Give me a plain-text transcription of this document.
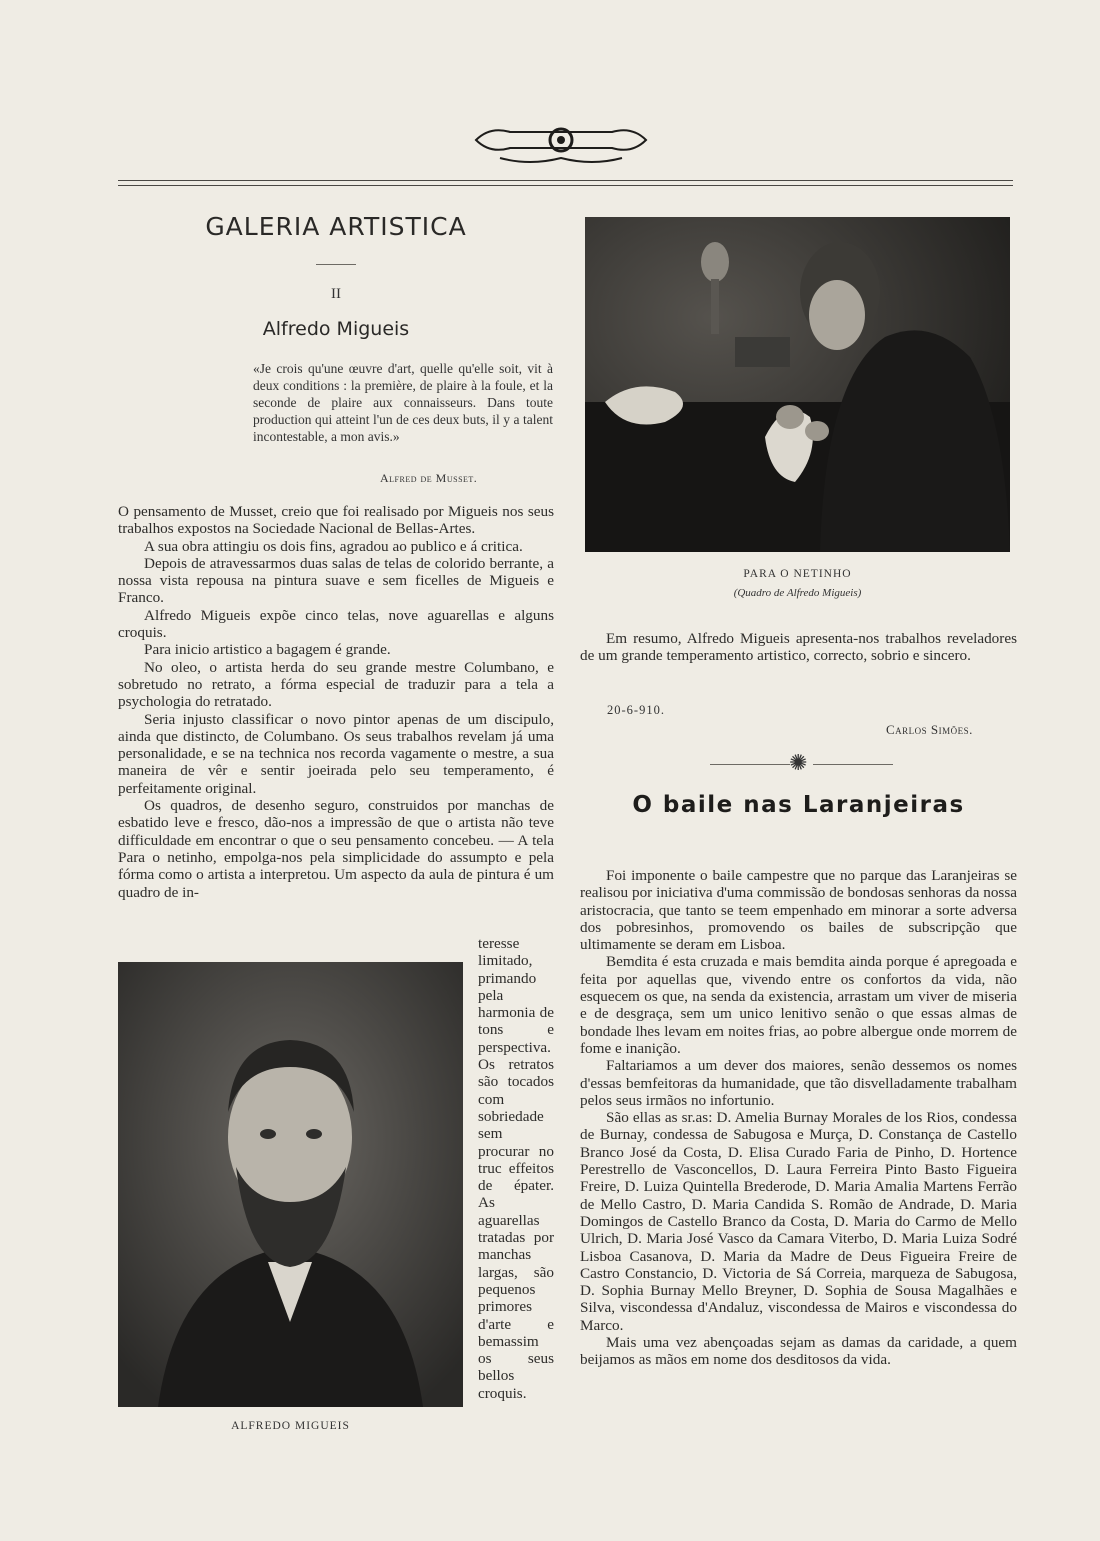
GALERIA ARTISTICA
II
Alfredo Migueis
«Je crois qu'une œuvre d'art, quelle qu'elle soit, vit à deux conditions : la première, de plaire à la foule, et la seconde de plaire aux connaisseurs. Dans toute production qui atteint l'un de ces deux buts, il y a talent incontestable, a mon avis.»
Alfred de Musset.

O pensamento de Musset, creio que foi realisado por Migueis nos seus trabalhos expostos na Sociedade Nacional de Bellas-Artes.

A sua obra attingiu os dois fins, agradou ao publico e á critica.

Depois de atravessarmos duas salas de telas de colorido berrante, a nossa vista repousa na pintura suave e sem ficelles de Migueis e Franco.

Alfredo Migueis expõe cinco telas, nove aguarellas e alguns croquis.

Para inicio artistico a bagagem é grande.

No oleo, o artista herda do seu grande mestre Columbano, e sobretudo no retrato, a fórma especial de traduzir para a tela a psychologia do retratado.

Seria injusto classificar o novo pintor apenas de um discipulo, ainda que distincto, de Columbano. Os seus trabalhos revelam já uma personalidade, e se na technica nos recorda vagamente o mestre, a sua maneira de vêr e sentir joeirada pelo seu temperamento, é perfeitamente original.

Os quadros, de desenho seguro, construidos por manchas de esbatido leve e fresco, dão-nos a impressão de que o artista não teve difficuldade em encontrar o que o seu pensamento concebeu. — A tela Para o netinho, empolga-nos pela simplicidade do assumpto e pela fórma como o artista a interpretou. Um aspecto da aula de pintura é um quadro de in-

ALFREDO MIGUEIS
teresse limitado, primando pela harmonia de tons e perspectiva. Os retratos são tocados com sobriedade sem procurar no truc effeitos de épater. As aguarellas tratadas por manchas largas, são pequenos primores d'arte e bemassim os seus bellos croquis.
PARA O NETINHO
(Quadro de Alfredo Migueis)

Em resumo, Alfredo Migueis apresenta-nos trabalhos reveladores de um grande temperamento artistico, correcto, sobrio e sincero.

20-6-910.
Carlos Simões.
✺
O baile nas Laranjeiras

Foi imponente o baile campestre que no parque das Laranjeiras se realisou por iniciativa d'uma commissão de bondosas senhoras da nossa aristocracia, que tanto se teem empenhado em minorar a sorte adversa dos pobresinhos, promovendo os bailes de subscripção que ultimamente se deram em Lisboa.

Bemdita é esta cruzada e mais bemdita ainda porque é apregoada e feita por aquellas que, vivendo entre os confortos da vida, não esquecem os que, na senda da existencia, arrastam um viver de miseria e de desgraça, sem um unico lenitivo senão o que essas almas de bondade lhes levam em noites frias, ao pobre albergue onde morrem de fome e inanição.

Faltariamos a um dever dos maiores, senão dessemos os nomes d'essas bemfeitoras da humanidade, que tão disvelladamente trabalham pelos seus irmãos no infortunio.

São ellas as sr.as: D. Amelia Burnay Morales de los Rios, condessa de Burnay, condessa de Sabugosa e Murça, D. Constança de Castello Branco José da Costa, D. Elisa Curado Faria de Pinho, D. Hortence Perestrello de Vasconcellos, D. Laura Ferreira Pinto Basto Figueira Freire, D. Luiza Quintella Brederode, D. Maria Amalia Martens Ferrão de Mello Castro, D. Maria Candida S. Romão de Andrade, D. Maria Domingos de Castello Branco da Costa, D. Maria do Carmo de Mello Ulrich, D. Maria José Vasco da Camara Viterbo, D. Maria Luiza Sodré Lisboa Casanova, D. Maria da Madre de Deus Figueira Freire de Castro Constancio, D. Victoria de Sá Correia, marqueza de Sabugosa, D. Sophia Burnay Mello Breyner, D. Sophia de Sousa Magalhães e Silva, viscondessa d'Andaluz, viscondessa de Mairos e viscondessa do Marco.

Mais uma vez abençoadas sejam as damas da caridade, a quem beijamos as mãos em nome dos desditosos da vida.
